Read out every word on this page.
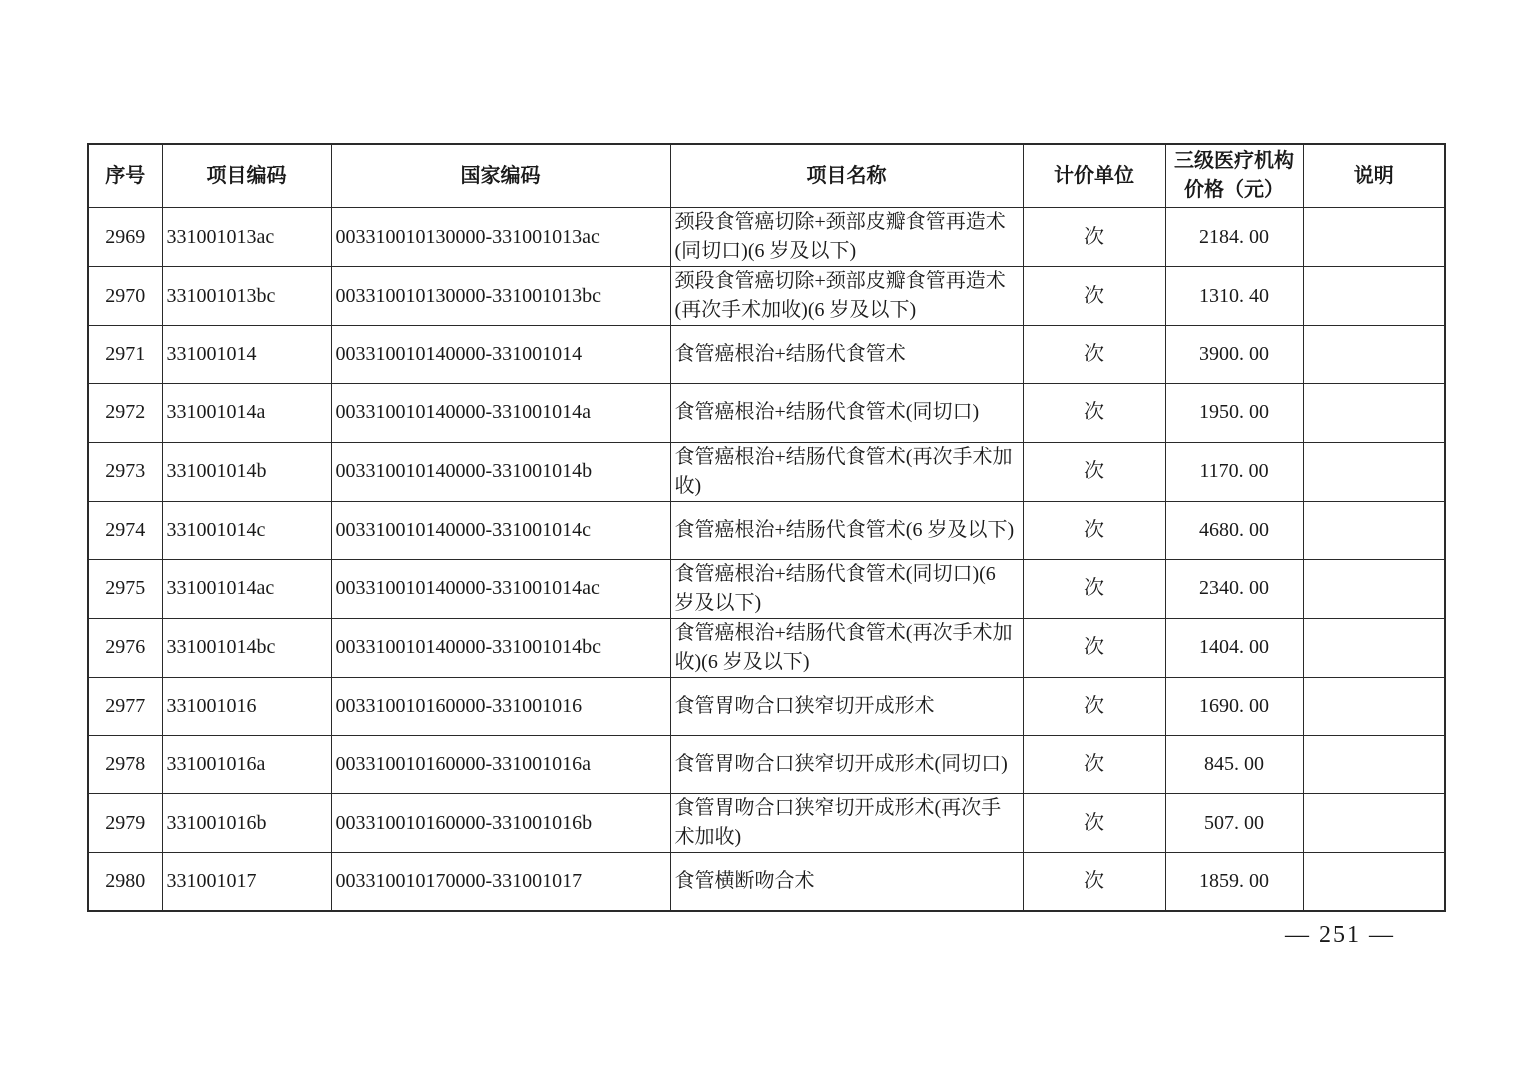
序号	项目编码	国家编码	项目名称	计价单位	三级医疗机构价格（元）	说明
2969	331001013ac	003310010130000-331001013ac	颈段食管癌切除+颈部皮瓣食管再造术(同切口)(6 岁及以下)	次	2184. 00	
2970	331001013bc	003310010130000-331001013bc	颈段食管癌切除+颈部皮瓣食管再造术(再次手术加收)(6 岁及以下)	次	1310. 40	
2971	331001014	003310010140000-331001014	食管癌根治+结肠代食管术	次	3900. 00	
2972	331001014a	003310010140000-331001014a	食管癌根治+结肠代食管术(同切口)	次	1950. 00	
2973	331001014b	003310010140000-331001014b	食管癌根治+结肠代食管术(再次手术加收)	次	1170. 00	
2974	331001014c	003310010140000-331001014c	食管癌根治+结肠代食管术(6 岁及以下)	次	4680. 00	
2975	331001014ac	003310010140000-331001014ac	食管癌根治+结肠代食管术(同切口)(6 岁及以下)	次	2340. 00	
2976	331001014bc	003310010140000-331001014bc	食管癌根治+结肠代食管术(再次手术加收)(6 岁及以下)	次	1404. 00	
2977	331001016	003310010160000-331001016	食管胃吻合口狭窄切开成形术	次	1690. 00	
2978	331001016a	003310010160000-331001016a	食管胃吻合口狭窄切开成形术(同切口)	次	845. 00	
2979	331001016b	003310010160000-331001016b	食管胃吻合口狭窄切开成形术(再次手术加收)	次	507. 00	
2980	331001017	003310010170000-331001017	食管横断吻合术	次	1859. 00	
— 251 —
